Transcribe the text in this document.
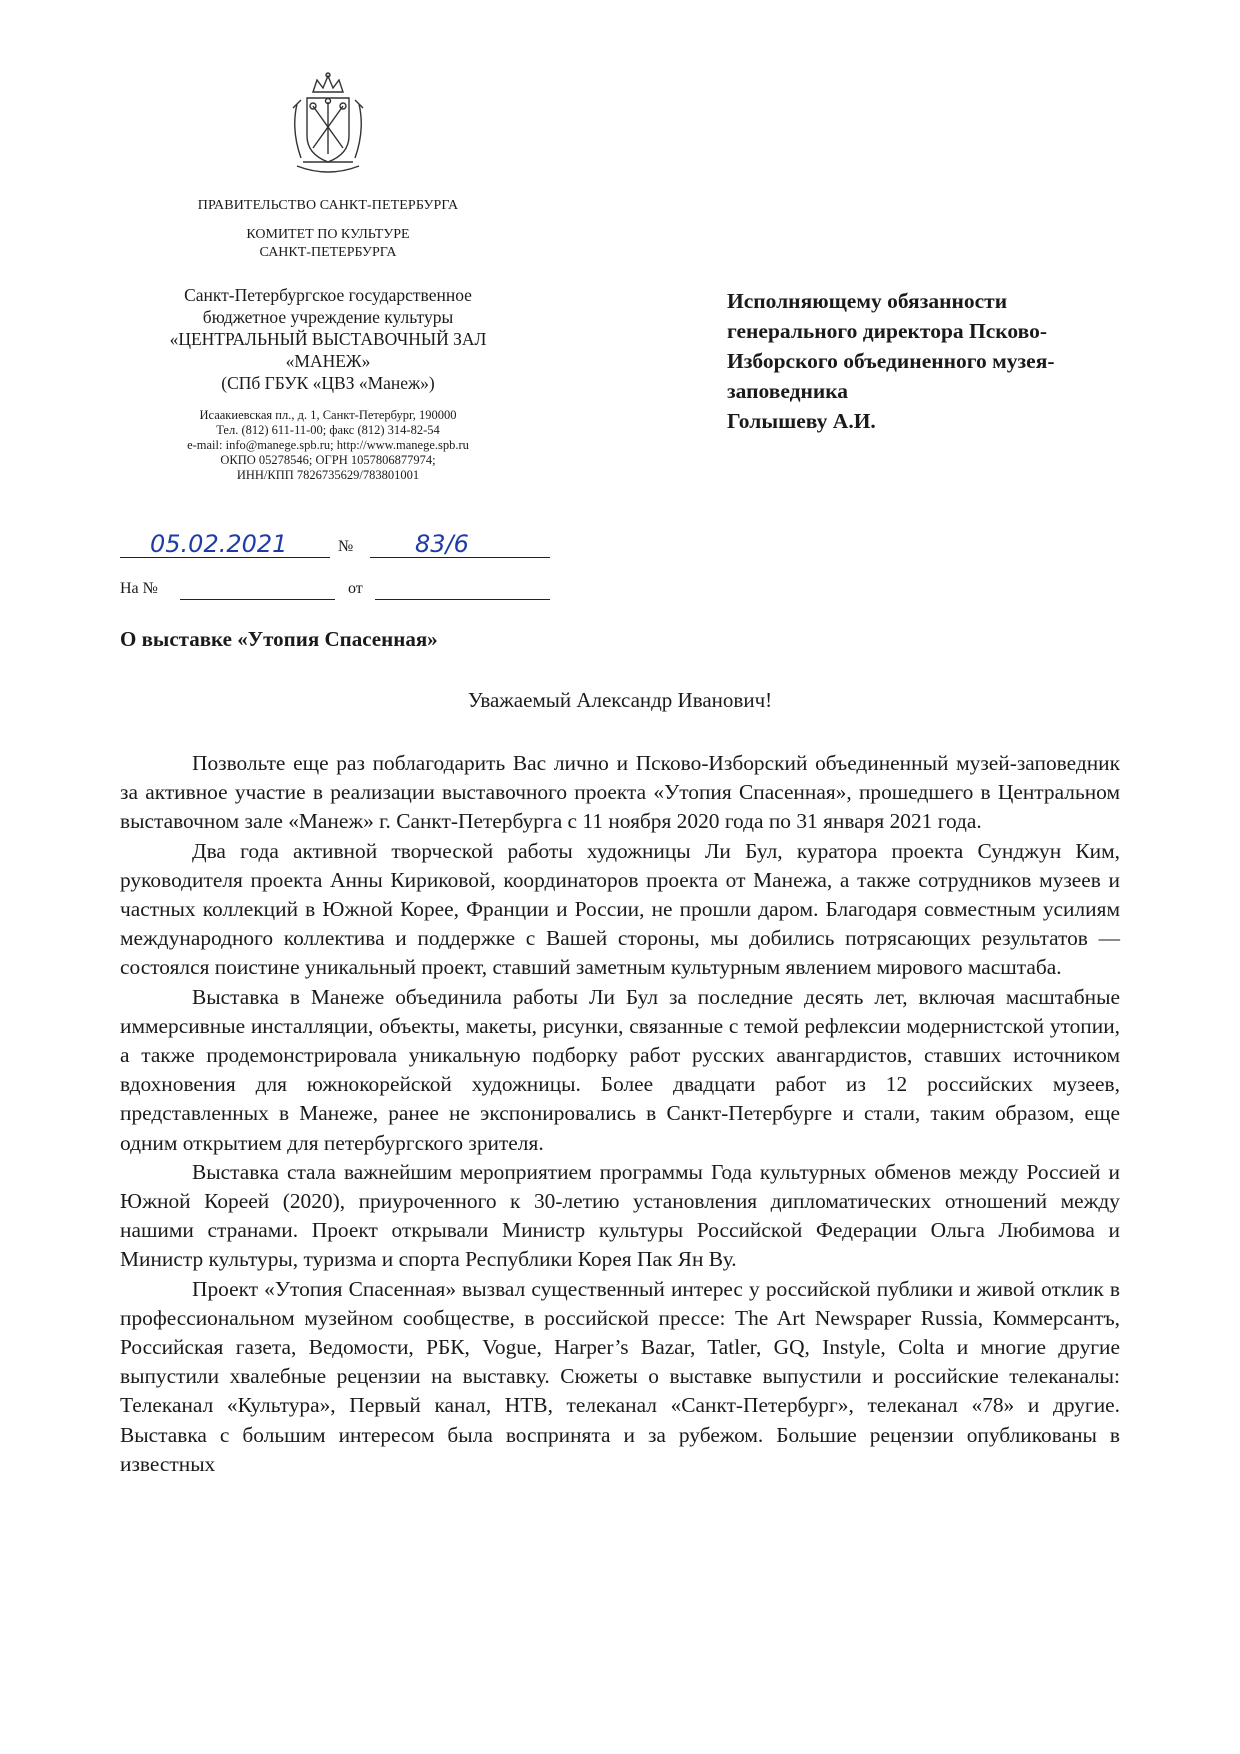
ПРАВИТЕЛЬСТВО САНКТ-ПЕТЕРБУРГА
КОМИТЕТ ПО КУЛЬТУРЕ
САНКТ-ПЕТЕРБУРГА
Санкт-Петербургское государственное
бюджетное учреждение культуры
«ЦЕНТРАЛЬНЫЙ ВЫСТАВОЧНЫЙ ЗАЛ
«МАНЕЖ»
(СПб ГБУК «ЦВЗ «Манеж»)
Исаакиевская пл., д. 1, Санкт-Петербург, 190000
Тел. (812) 611-11-00; факс (812) 314-82-54
e-mail: info@manege.spb.ru; http://www.manege.spb.ru
ОКПО 05278546; ОГРН 1057806877974;
ИНН/КПП 7826735629/783801001
05.02.2021	№	83/6
На №	от
Исполняющему обязанности
генерального директора Псково-
Изборского объединенного музея-
заповедника
Голышеву А.И.
О выставке «Утопия Спасенная»
Уважаемый Александр Иванович!

Позвольте еще раз поблагодарить Вас лично и Псково-Изборский объединенный музей-заповедник за активное участие в реализации выставочного проекта «Утопия Спасенная», прошедшего в Центральном выставочном зале «Манеж» г. Санкт-Петербурга с 11 ноября 2020 года по 31 января 2021 года.

Два года активной творческой работы художницы Ли Бул, куратора проекта Сунджун Ким, руководителя проекта Анны Кириковой, координаторов проекта от Манежа, а также сотрудников музеев и частных коллекций в Южной Корее, Франции и России, не прошли даром. Благодаря совместным усилиям международного коллектива и поддержке с Вашей стороны, мы добились потрясающих результатов — состоялся поистине уникальный проект, ставший заметным культурным явлением мирового масштаба.

Выставка в Манеже объединила работы Ли Бул за последние десять лет, включая масштабные иммерсивные инсталляции, объекты, макеты, рисунки, связанные с темой рефлексии модернистской утопии, а также продемонстрировала уникальную подборку работ русских авангардистов, ставших источником вдохновения для южнокорейской художницы. Более двадцати работ из 12 российских музеев, представленных в Манеже, ранее не экспонировались в Санкт-Петербурге и стали, таким образом, еще одним открытием для петербургского зрителя.

Выставка стала важнейшим мероприятием программы Года культурных обменов между Россией и Южной Кореей (2020), приуроченного к 30-летию установления дипломатических отношений между нашими странами. Проект открывали Министр культуры Российской Федерации Ольга Любимова и Министр культуры, туризма и спорта Республики Корея Пак Ян Ву.

Проект «Утопия Спасенная» вызвал существенный интерес у российской публики и живой отклик в профессиональном музейном сообществе, в российской прессе: The Art Newspaper Russia, Коммерсантъ, Российская газета, Ведомости, РБК, Vogue, Harper’s Bazar, Tatler, GQ, Instyle, Colta и многие другие выпустили хвалебные рецензии на выставку. Сюжеты о выставке выпустили и российские телеканалы: Телеканал «Культура», Первый канал, НТВ, телеканал «Санкт-Петербург», телеканал «78» и другие. Выставка с большим интересом была воспринята и за рубежом. Большие рецензии опубликованы в известных
